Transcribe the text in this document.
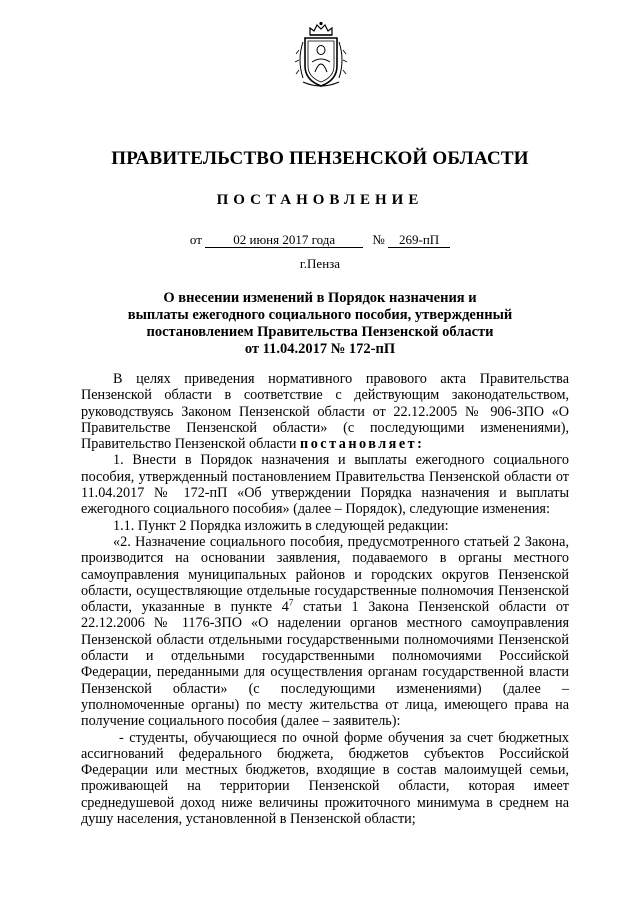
ПРАВИТЕЛЬСТВО ПЕНЗЕНСКОЙ ОБЛАСТИ
ПОСТАНОВЛЕНИЕ
от 02 июня 2017 года	№ 269-пП
г.Пенза
О внесении изменений в Порядок назначения и
выплаты ежегодного социального пособия, утвержденный
постановлением Правительства Пензенской области
от 11.04.2017 № 172-пП

В целях приведения нормативного правового акта Правительства Пензенской области в соответствие с действующим законодательством, руководствуясь Законом Пензенской области от 22.12.2005 № 906-ЗПО «О Правительстве Пензенской области» (с последующими изменениями), Правительство Пензенской области постановляет:

1. Внести в Порядок назначения и выплаты ежегодного социального пособия, утвержденный постановлением Правительства Пензенской области от 11.04.2017 № 172-пП «Об утверждении Порядка назначения и выплаты ежегодного социального пособия» (далее – Порядок), следующие изменения:

1.1. Пункт 2 Порядка изложить в следующей редакции:

«2. Назначение социального пособия, предусмотренного статьей 2 Закона, производится на основании заявления, подаваемого в органы местного самоуправления муниципальных районов и городских округов Пензенской области, осуществляющие отдельные государственные полномочия Пензенской области, указанные в пункте $4^7$ статьи 1 Закона Пензенской области от 22.12.2006 № 1176-ЗПО «О наделении органов местного самоуправления Пензенской области отдельными государственными полномочиями Пензенской области и отдельными государственными полномочиями Российской Федерации, переданными для осуществления органам государственной власти Пензенской области» (с последующими изменениями) (далее – уполномоченные органы) по месту жительства от лица, имеющего права на получение социального пособия (далее – заявитель):

- студенты, обучающиеся по очной форме обучения за счет бюджетных ассигнований федерального бюджета, бюджетов субъектов Российской Федерации или местных бюджетов, входящие в состав малоимущей семьи, проживающей на территории Пензенской области, которая имеет среднедушевой доход ниже величины прожиточного минимума в среднем на душу населения, установленной в Пензенской области;
